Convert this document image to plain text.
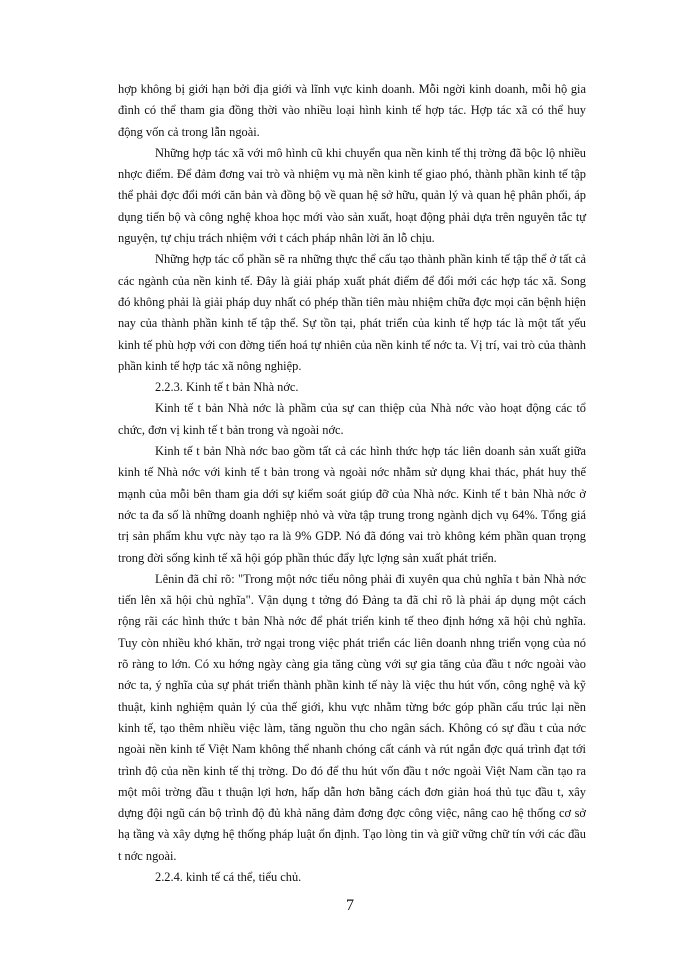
hợp không bị giới hạn bởi địa giới và lĩnh vực kinh doanh. Mỗi ngời kinh doanh, mỗi hộ gia đình có thể tham gia đồng thời vào nhiều loại hình kinh tế hợp tác. Hợp tác xã có thể huy động vốn cả trong lẫn ngoài.

Những hợp tác xã với mô hình cũ khi chuyển qua nền kinh tế thị trờng đã bộc lộ nhiều nhợc điểm. Để đảm đơng vai trò và nhiệm vụ mà nền kinh tế giao phó, thành phần kinh tế tập thể phải đợc đổi mới căn bản và đồng bộ về quan hệ sở hữu, quản lý và quan hệ phân phối, áp dụng tiến bộ và công nghệ khoa học mới vào sản xuất, hoạt động phải dựa trên nguyên tắc tự nguyện, tự chịu trách nhiệm với t cách pháp nhân lời ăn lỗ chịu.

Những hợp tác cổ phần sẽ ra những thực thể cấu tạo thành phần kinh tế tập thể ở tất cả các ngành của nền kinh tế. Đây là giải pháp xuất phát điểm để đổi mới các hợp tác xã. Song đó không phải là giải pháp duy nhất có phép thần tiên màu nhiệm chữa đợc mọi căn bệnh hiện nay của thành phần kinh tế tập thể. Sự tồn tại, phát triển của kinh tế hợp tác là một tất yếu kinh tế phù hợp với con đờng tiến hoá tự nhiên của nền kinh tế nớc ta. Vị trí, vai trò của thành phần kinh tế hợp tác xã nông nghiệp.

2.2.3. Kinh tế t bản Nhà nớc.

Kinh tế t bản Nhà nớc là phầm của sự can thiệp của Nhà nớc vào hoạt động các tổ chức, đơn vị kinh tế t bản trong và ngoài nớc.

Kinh tế t bản Nhà nớc bao gồm tất cả các hình thức hợp tác liên doanh sản xuất giữa kinh tế Nhà nớc với kinh tế t bản trong và ngoài nớc nhằm sử dụng khai thác, phát huy thế mạnh của mỗi bên tham gia dới sự kiểm soát giúp đỡ của Nhà nớc. Kinh tế t bản Nhà nớc ở nớc ta đa số là những doanh nghiệp nhỏ và vừa tập trung trong ngành dịch vụ 64%. Tổng giá trị sản phẩm khu vực này tạo ra là 9% GDP. Nó đã đóng vai trò không kém phần quan trọng trong đời sống kinh tế xã hội góp phần thúc đẩy lực lợng sản xuất phát triển.

Lênin đã chỉ rõ: "Trong một nớc tiểu nông phải đi xuyên qua chủ nghĩa t bản Nhà nớc tiến lên xã hội chủ nghĩa". Vận dụng t tởng đó Đảng ta đã chỉ rõ là phải áp dụng một cách rộng rãi các hình thức t bản Nhà nớc để phát triển kinh tế theo định hớng xã hội chủ nghĩa. Tuy còn nhiều khó khăn, trở ngại trong việc phát triển các liên doanh nhng triển vọng của nó rõ ràng to lớn. Có xu hớng ngày càng gia tăng cùng với sự gia tăng của đầu t nớc ngoài vào nớc ta, ý nghĩa của sự phát triển thành phần kinh tế này là việc thu hút vốn, công nghệ và kỹ thuật, kinh nghiệm quản lý của thế giới, khu vực nhằm từng bớc góp phần cấu trúc lại nền kinh tế, tạo thêm nhiều việc làm, tăng nguồn thu cho ngân sách. Không có sự đầu t của nớc ngoài nền kinh tế Việt Nam không thể nhanh chóng cất cánh và rút ngắn đợc quá trình đạt tới trình độ của nền kinh tế thị trờng. Do đó để thu hút vốn đầu t nớc ngoài Việt Nam cần tạo ra một môi trờng đầu t thuận lợi hơn, hấp dẫn hơn bằng cách đơn giản hoá thủ tục đầu t, xây dựng đội ngũ cán bộ trình độ đủ khả năng đảm đơng đợc công việc, nâng cao hệ thống cơ sở hạ tầng và xây dựng hệ thống pháp luật ổn định. Tạo lòng tin và giữ vững chữ tín với các đầu t nớc ngoài.

2.2.4. kinh tế cá thể, tiểu chủ.

7
